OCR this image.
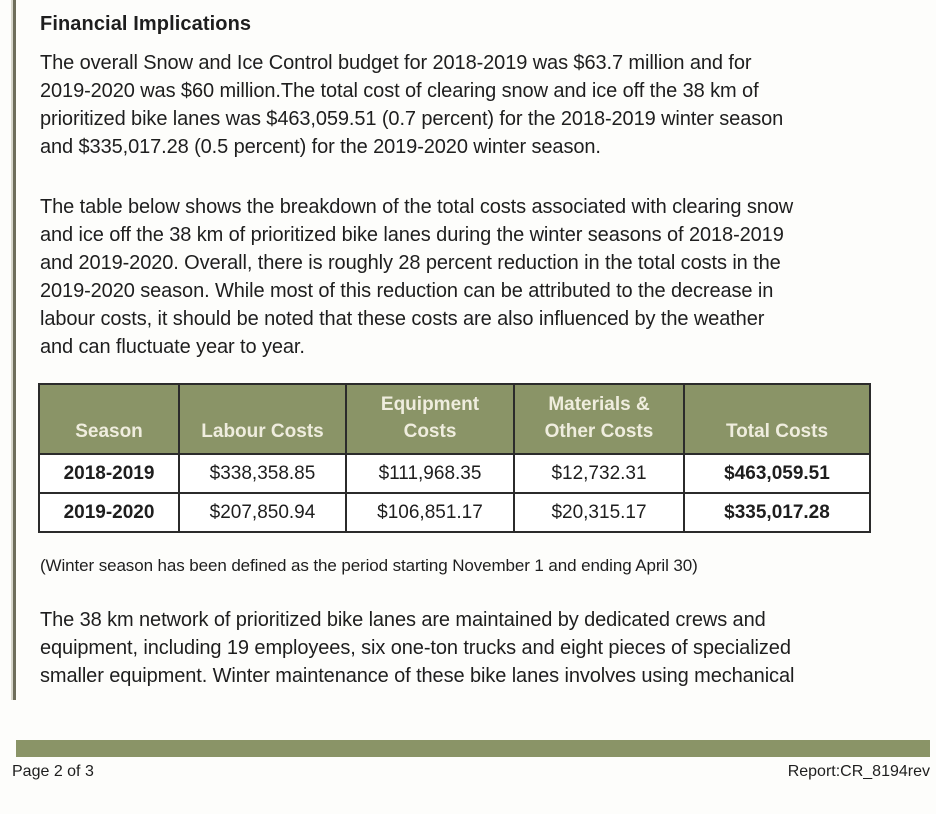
Financial Implications
The overall Snow and Ice Control budget for 2018-2019 was $63.7 million and for
2019-2020 was $60 million.The total cost of clearing snow and ice off the 38 km of
prioritized bike lanes was $463,059.51 (0.7 percent) for the 2018-2019 winter season
and $335,017.28 (0.5 percent) for the 2019-2020 winter season.
The table below shows the breakdown of the total costs associated with clearing snow
and ice off the 38 km of prioritized bike lanes during the winter seasons of 2018-2019
and 2019-2020. Overall, there is roughly 28 percent reduction in the total costs in the
2019-2020 season. While most of this reduction can be attributed to the decrease in
labour costs, it should be noted that these costs are also influenced by the weather
and can fluctuate year to year.
Season	Labour Costs	Equipment Costs	Materials & Other Costs	Total Costs
2018-2019	$338,358.85	$111,968.35	$12,732.31	$463,059.51
2019-2020	$207,850.94	$106,851.17	$20,315.17	$335,017.28
(Winter season has been defined as the period starting November 1 and ending April 30)
The 38 km network of prioritized bike lanes are maintained by dedicated crews and
equipment, including 19 employees, six one-ton trucks and eight pieces of specialized
smaller equipment. Winter maintenance of these bike lanes involves using mechanical
Page 2 of 3	Report:CR_8194rev
